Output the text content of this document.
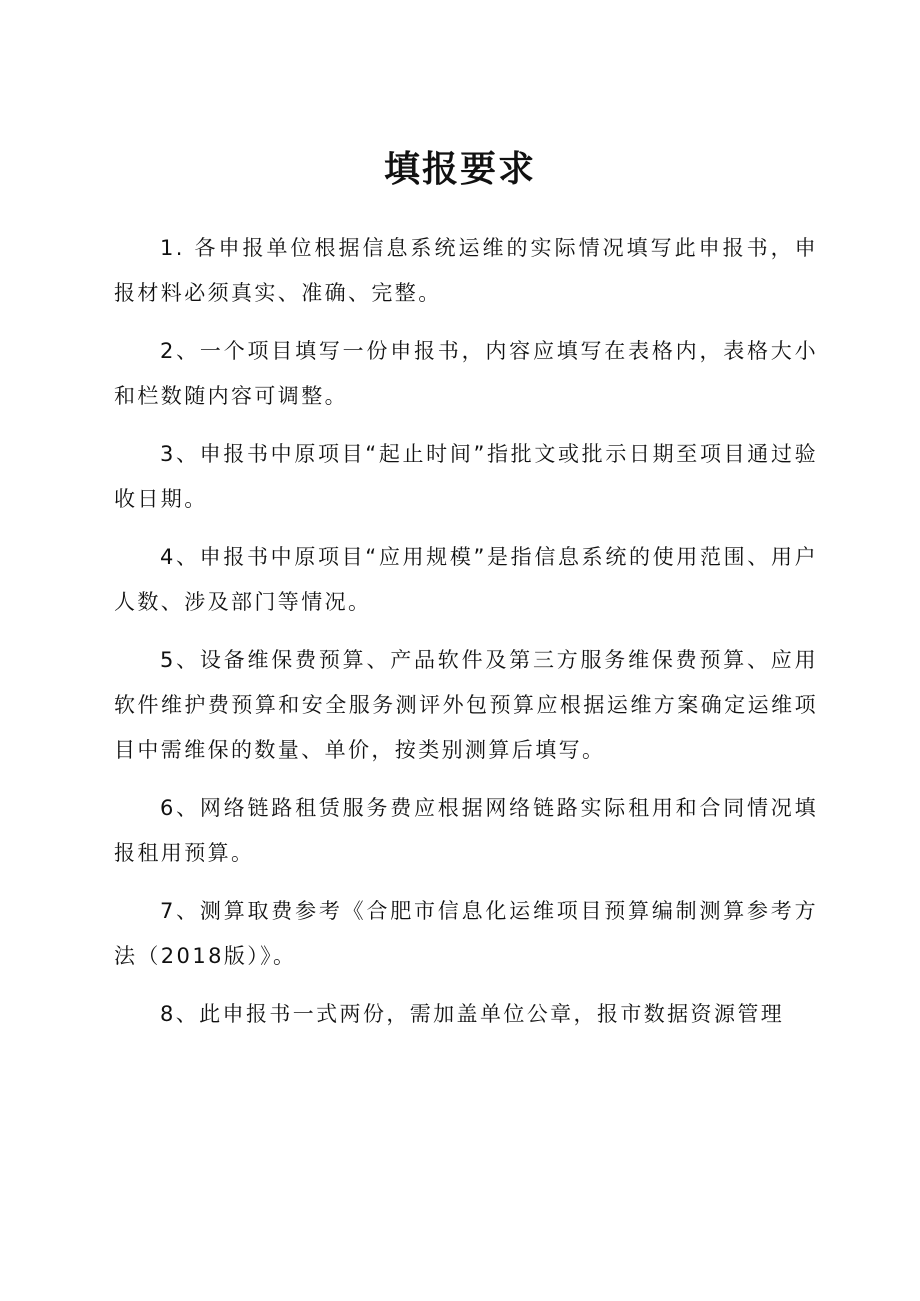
填报要求

1. 各申报单位根据信息系统运维的实际情况填写此申报书，申报材料必须真实、准确、完整。

2、一个项目填写一份申报书，内容应填写在表格内，表格大小和栏数随内容可调整。

3、申报书中原项目“起止时间”指批文或批示日期至项目通过验收日期。

4、申报书中原项目“应用规模”是指信息系统的使用范围、用户人数、涉及部门等情况。

5、设备维保费预算、产品软件及第三方服务维保费预算、应用软件维护费预算和安全服务测评外包预算应根据运维方案确定运维项目中需维保的数量、单价，按类别测算后填写。

6、网络链路租赁服务费应根据网络链路实际租用和合同情况填报租用预算。

7、测算取费参考《合肥市信息化运维项目预算编制测算参考方法（2018版）》。

8、此申报书一式两份，需加盖单位公章，报市数据资源管理
